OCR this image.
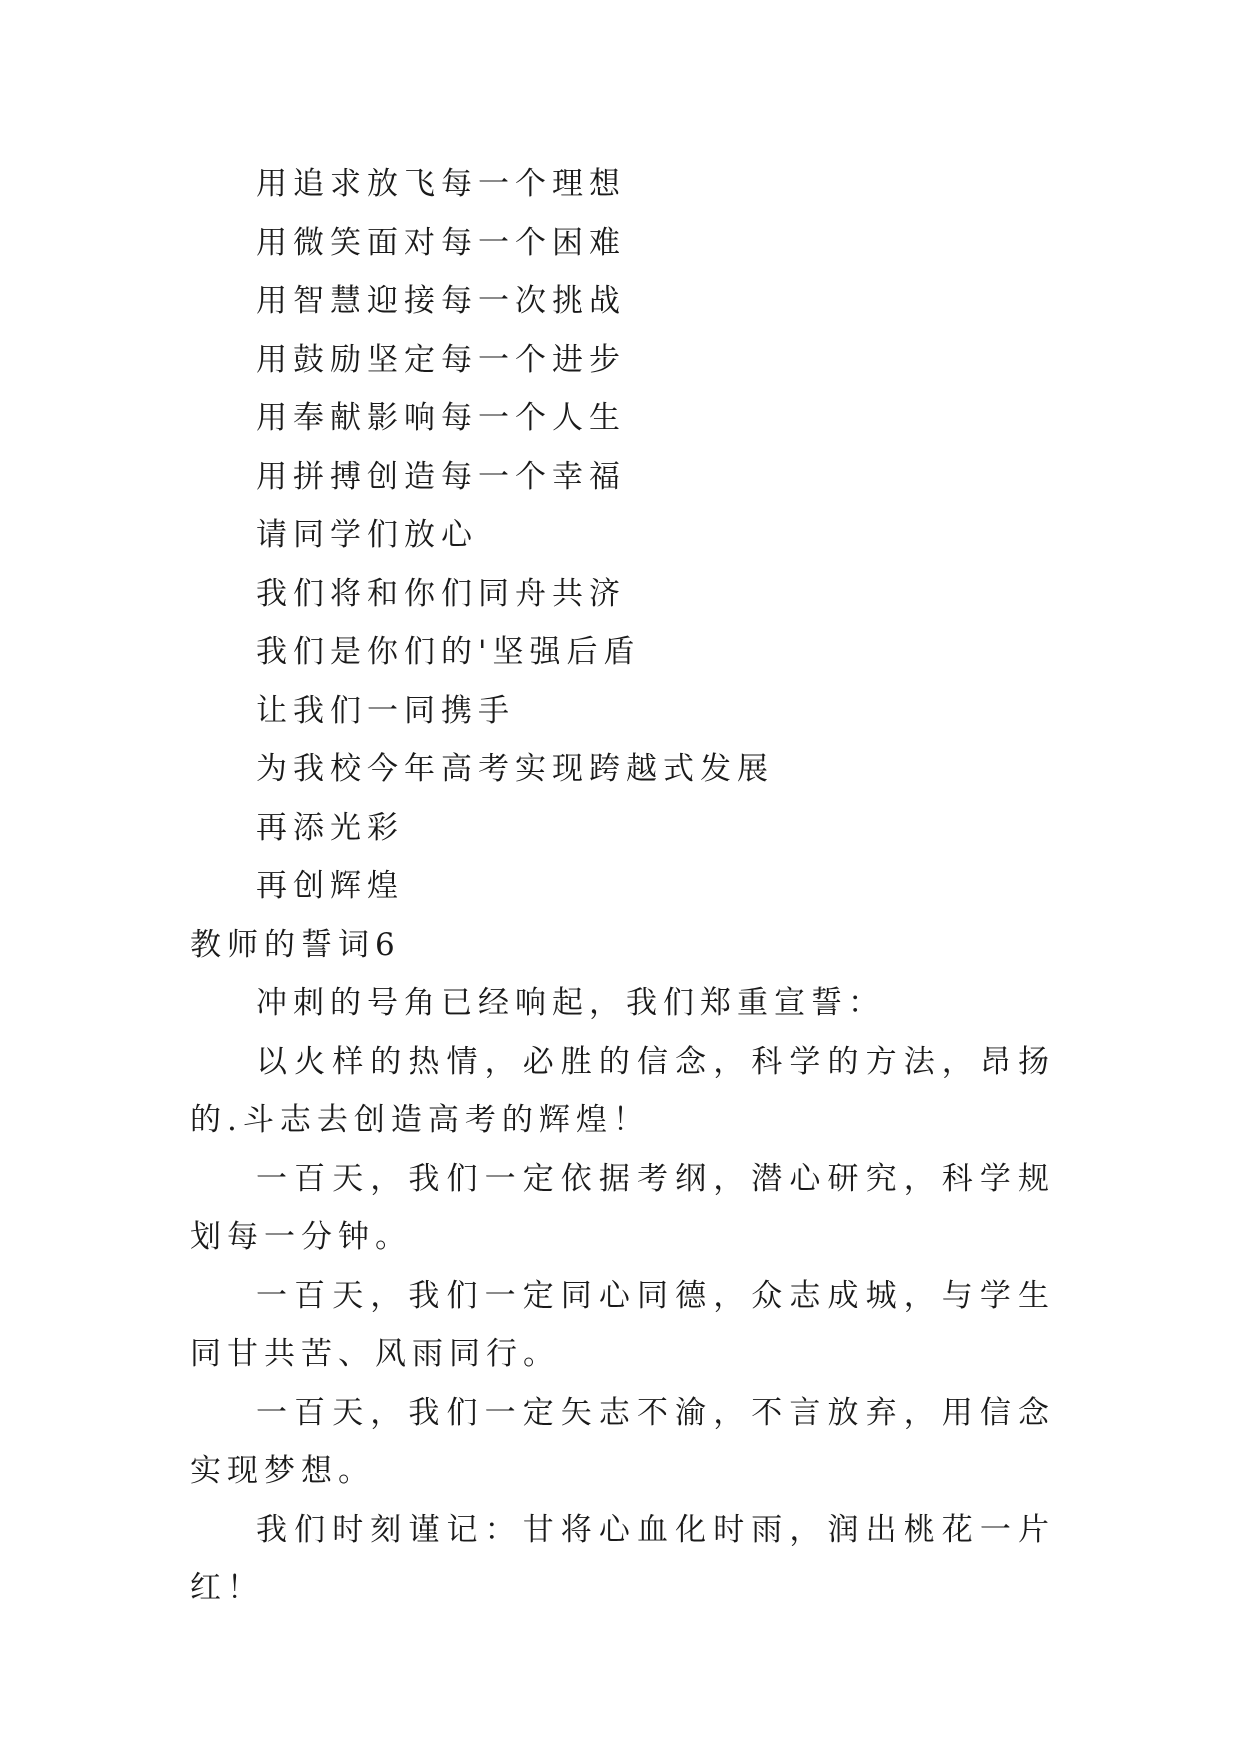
用追求放飞每一个理想

用微笑面对每一个困难

用智慧迎接每一次挑战

用鼓励坚定每一个进步

用奉献影响每一个人生

用拼搏创造每一个幸福

请同学们放心

我们将和你们同舟共济

我们是你们的'坚强后盾

让我们一同携手

为我校今年高考实现跨越式发展

再添光彩

再创辉煌

教师的誓词6

冲刺的号角已经响起，我们郑重宣誓：

以火样的热情，必胜的信念，科学的方法，昂扬的.斗志去创造高考的辉煌！

一百天，我们一定依据考纲，潜心研究，科学规划每一分钟。

一百天，我们一定同心同德，众志成城，与学生同甘共苦、风雨同行。

一百天，我们一定矢志不渝，不言放弃，用信念实现梦想。

我们时刻谨记：甘将心血化时雨，润出桃花一片红！
